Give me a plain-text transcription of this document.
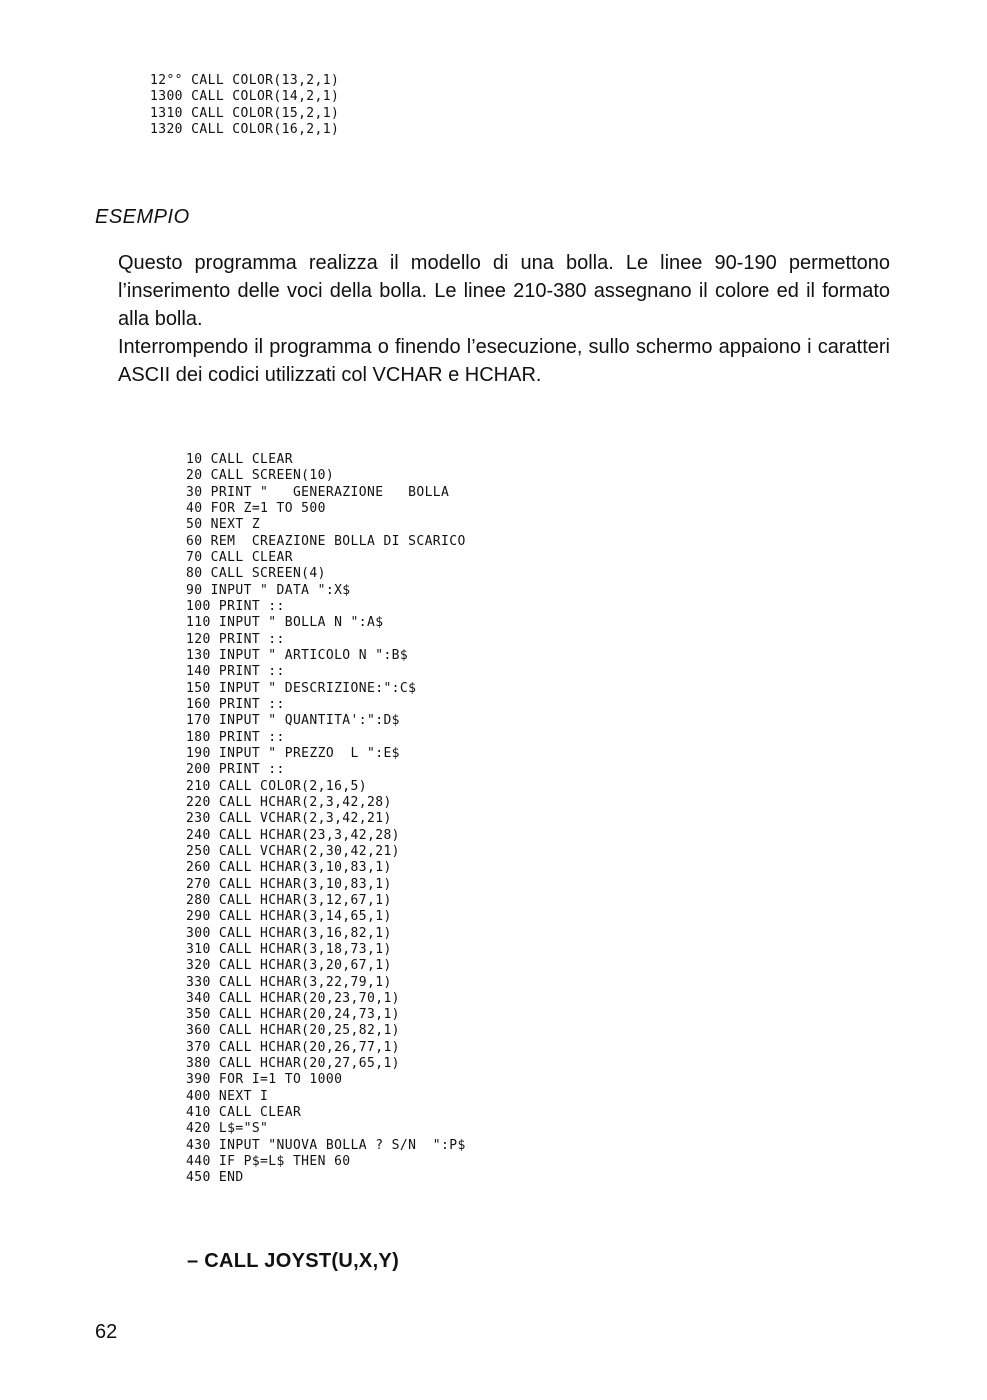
12°° CALL COLOR(13,2,1)
1300 CALL COLOR(14,2,1)
1310 CALL COLOR(15,2,1)
1320 CALL COLOR(16,2,1)
ESEMPIO

Questo programma realizza il modello di una bolla. Le linee 90-190 permettono l’inserimento delle voci della bolla. Le linee 210-380 assegnano il colore ed il formato alla bolla.

Interrompendo il programma o finendo l’esecuzione, sullo schermo appaiono i caratteri ASCII dei codici utilizzati col VCHAR e HCHAR.

10 CALL CLEAR
20 CALL SCREEN(10)
30 PRINT "   GENERAZIONE   BOLLA
40 FOR Z=1 TO 500
50 NEXT Z
60 REM  CREAZIONE BOLLA DI SCARICO
70 CALL CLEAR
80 CALL SCREEN(4)
90 INPUT " DATA ":X$
100 PRINT ::
110 INPUT " BOLLA N ":A$
120 PRINT ::
130 INPUT " ARTICOLO N ":B$
140 PRINT ::
150 INPUT " DESCRIZIONE:":C$
160 PRINT ::
170 INPUT " QUANTITA':":D$
180 PRINT ::
190 INPUT " PREZZO  L ":E$
200 PRINT ::
210 CALL COLOR(2,16,5)
220 CALL HCHAR(2,3,42,28)
230 CALL VCHAR(2,3,42,21)
240 CALL HCHAR(23,3,42,28)
250 CALL VCHAR(2,30,42,21)
260 CALL HCHAR(3,10,83,1)
270 CALL HCHAR(3,10,83,1)
280 CALL HCHAR(3,12,67,1)
290 CALL HCHAR(3,14,65,1)
300 CALL HCHAR(3,16,82,1)
310 CALL HCHAR(3,18,73,1)
320 CALL HCHAR(3,20,67,1)
330 CALL HCHAR(3,22,79,1)
340 CALL HCHAR(20,23,70,1)
350 CALL HCHAR(20,24,73,1)
360 CALL HCHAR(20,25,82,1)
370 CALL HCHAR(20,26,77,1)
380 CALL HCHAR(20,27,65,1)
390 FOR I=1 TO 1000
400 NEXT I
410 CALL CLEAR
420 L$="S"
430 INPUT "NUOVA BOLLA ? S/N  ":P$
440 IF P$=L$ THEN 60
450 END
– CALL JOYST(U,X,Y)
62
